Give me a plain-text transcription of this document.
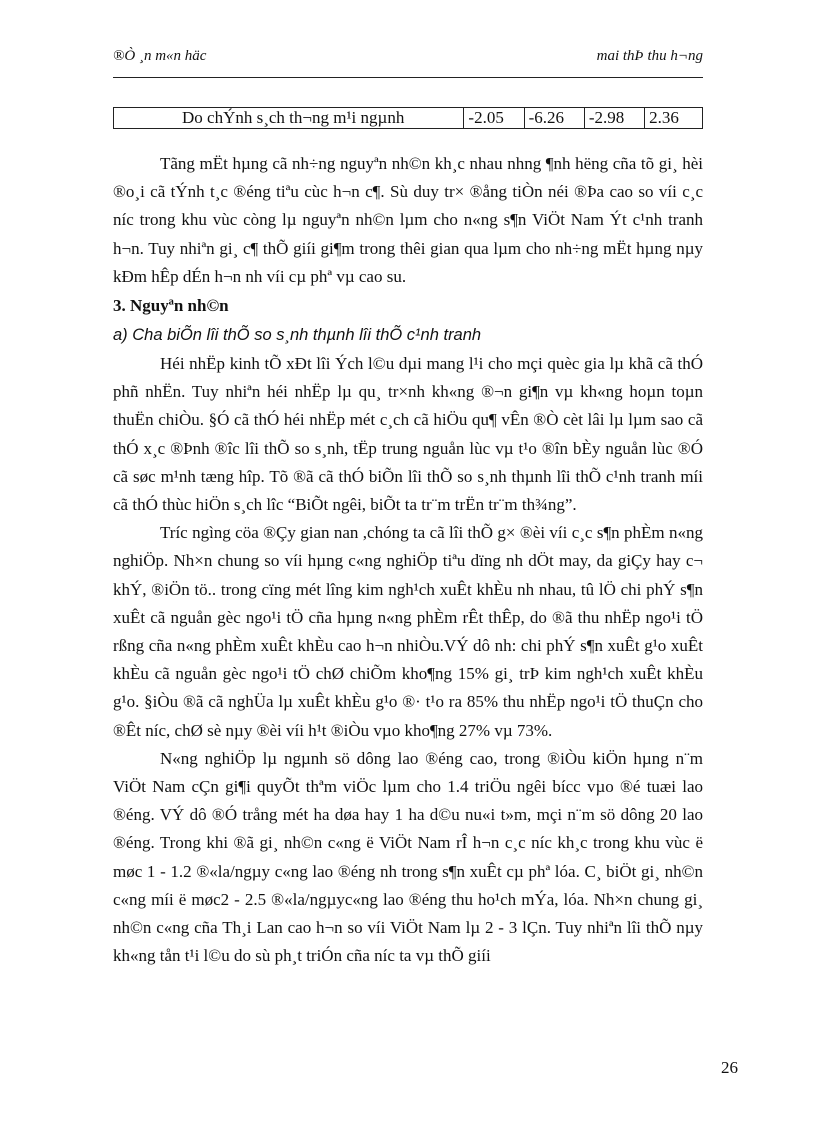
®Ò ¸n m«n häc	mai thÞ thu h¬ng
Do chÝnh s¸ch th¬ng m¹i ngµnh	-2.05	-6.26	-2.98	2.36

Tãng mËt hµng cã nh÷ng nguyªn nh©n kh¸c nhau nhng ¶nh hëng cña tõ gi¸ hèi ®o¸i cã tÝnh t¸c ®éng tiªu cùc h¬n c¶. Sù duy tr× ®ång tiÒn néi ®Þa cao so víi c¸c níc trong khu vùc còng lµ nguyªn nh©n lµm cho n«ng s¶n ViÖt Nam Ýt c¹nh tranh h¬n. Tuy nhiªn gi¸ c¶ thÕ giíi gi¶m trong thêi gian qua lµm cho nh÷ng mËt hµng nµy kÐm hÊp dÉn h¬n nh víi cµ phª vµ cao su.

3. Nguyªn nh©n
a) Cha biÕn lîi thÕ so s¸nh thµnh lîi thÕ c¹nh tranh

Héi nhËp kinh tÕ xÐt lîi Ých l©u dµi mang l¹i cho mçi quèc gia lµ khã cã thÓ phñ nhËn. Tuy nhiªn héi nhËp lµ qu¸ tr×nh kh«ng ®¬n gi¶n vµ kh«ng hoµn toµn thuËn chiÒu. §Ó cã thÓ héi nhËp mét c¸ch cã hiÖu qu¶ vÊn ®Ò cèt lâi lµ lµm sao cã thÓ x¸c ®Þnh ®îc lîi thÕ so s¸nh, tËp trung nguån lùc vµ t¹o ®în bÈy nguån lùc ®Ó cã søc m¹nh tæng hîp. Tõ ®ã cã thÓ biÕn lîi thÕ so s¸nh thµnh lîi thÕ c¹nh tranh míi cã thÓ thùc hiÖn s¸ch lîc “BiÕt ngêi, biÕt ta tr¨m trËn tr¨m th¾ng”.

Tríc ngìng cöa ®Çy gian nan ,chóng ta cã lîi thÕ g× ®èi víi c¸c s¶n phÈm n«ng nghiÖp. Nh×n chung so víi hµng c«ng nghiÖp tiªu dïng nh dÖt may, da giÇy hay c¬ khÝ, ®iÖn tö.. trong cïng mét lîng kim ngh¹ch xuÊt khÈu nh nhau, tû lÖ chi phÝ s¶n xuÊt cã nguån gèc ngo¹i tÖ cña hµng n«ng phÈm rÊt thÊp, do ®ã thu nhËp ngo¹i tÖ rßng cña n«ng phÈm xuÊt khÈu cao h¬n nhiÒu.VÝ dô nh: chi phÝ s¶n xuÊt g¹o xuÊt khÈu cã nguån gèc ngo¹i tÖ chØ chiÕm kho¶ng 15% gi¸ trÞ kim ngh¹ch xuÊt khÈu g¹o. §iÒu ®ã cã nghÜa lµ xuÊt khÈu g¹o ®· t¹o ra 85% thu nhËp ngo¹i tÖ thuÇn cho ®Êt níc, chØ sè nµy ®èi víi h¹t ®iÒu vµo kho¶ng 27% vµ 73%.

N«ng nghiÖp lµ ngµnh sö dông lao ®éng cao, trong ®iÒu kiÖn hµng n¨m ViÖt Nam cÇn gi¶i quyÕt thªm viÖc lµm cho 1.4 triÖu ngêi bícc vµo ®é tuæi lao ®éng. VÝ dô ®Ó trång mét ha døa hay 1 ha d©u nu«i t»m, mçi n¨m sö dông 20 lao ®éng. Trong khi ®ã gi¸ nh©n c«ng ë ViÖt Nam rÎ h¬n c¸c níc kh¸c trong khu vùc ë møc 1 - 1.2 ®«la/ngµy c«ng lao ®éng nh trong s¶n xuÊt cµ phª lóa. C¸ biÖt gi¸ nh©n c«ng míi ë møc2 - 2.5 ®«la/ngµyc«ng lao ®éng thu ho¹ch mÝa, lóa. Nh×n chung gi¸ nh©n c«ng cña Th¸i Lan cao h¬n so víi ViÖt Nam lµ 2 - 3 lÇn. Tuy nhiªn lîi thÕ nµy kh«ng tån t¹i l©u do sù ph¸t triÓn cña níc ta vµ thÕ giíi

26
